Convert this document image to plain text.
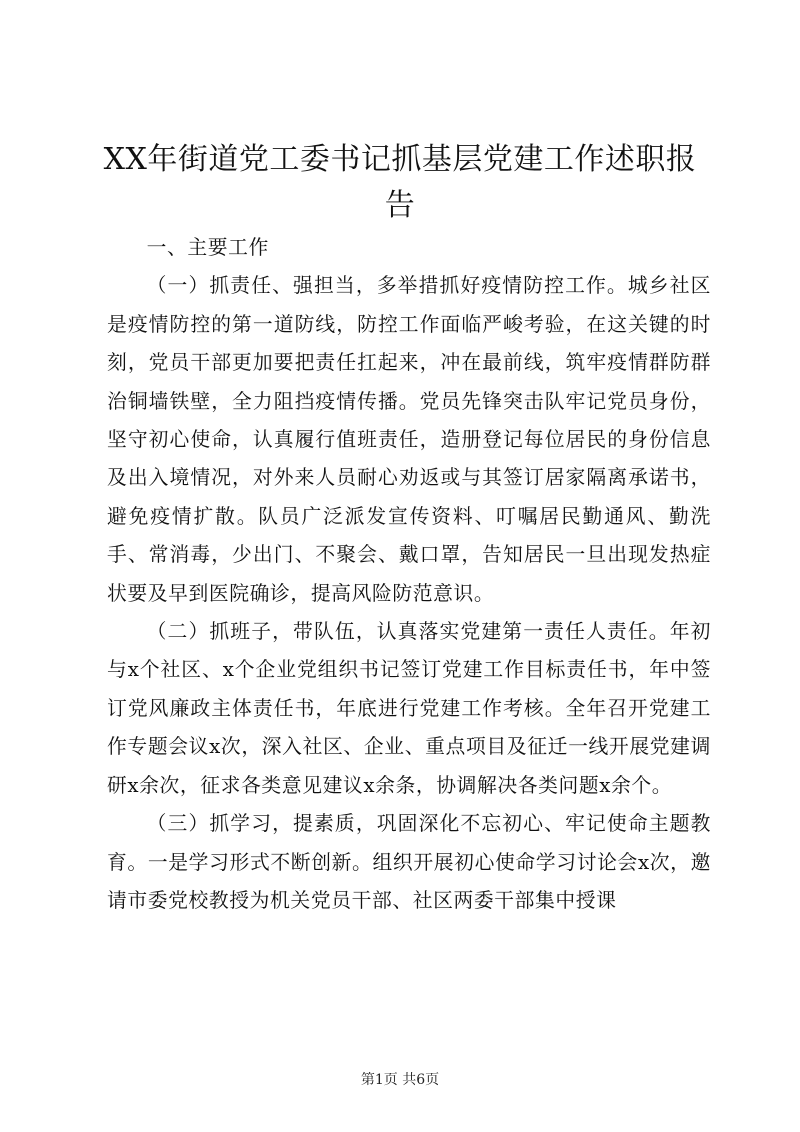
XX年街道党工委书记抓基层党建工作述职报
告

一、主要工作

（一）抓责任、强担当，多举措抓好疫情防控工作。城乡社区是疫情防控的第一道防线，防控工作面临严峻考验，在这关键的时刻，党员干部更加要把责任扛起来，冲在最前线，筑牢疫情群防群治铜墙铁壁，全力阻挡疫情传播。党员先锋突击队牢记党员身份，坚守初心使命，认真履行值班责任，造册登记每位居民的身份信息及出入境情况，对外来人员耐心劝返或与其签订居家隔离承诺书，避免疫情扩散。队员广泛派发宣传资料、叮嘱居民勤通风、勤洗手、常消毒，少出门、不聚会、戴口罩，告知居民一旦出现发热症状要及早到医院确诊，提高风险防范意识。

（二）抓班子，带队伍，认真落实党建第一责任人责任。年初与x个社区、x个企业党组织书记签订党建工作目标责任书，年中签订党风廉政主体责任书，年底进行党建工作考核。全年召开党建工作专题会议x次，深入社区、企业、重点项目及征迁一线开展党建调研x余次，征求各类意见建议x余条，协调解决各类问题x余个。

（三）抓学习，提素质，巩固深化不忘初心、牢记使命主题教育。一是学习形式不断创新。组织开展初心使命学习讨论会x次，邀请市委党校教授为机关党员干部、社区两委干部集中授课

第1页 共6页
